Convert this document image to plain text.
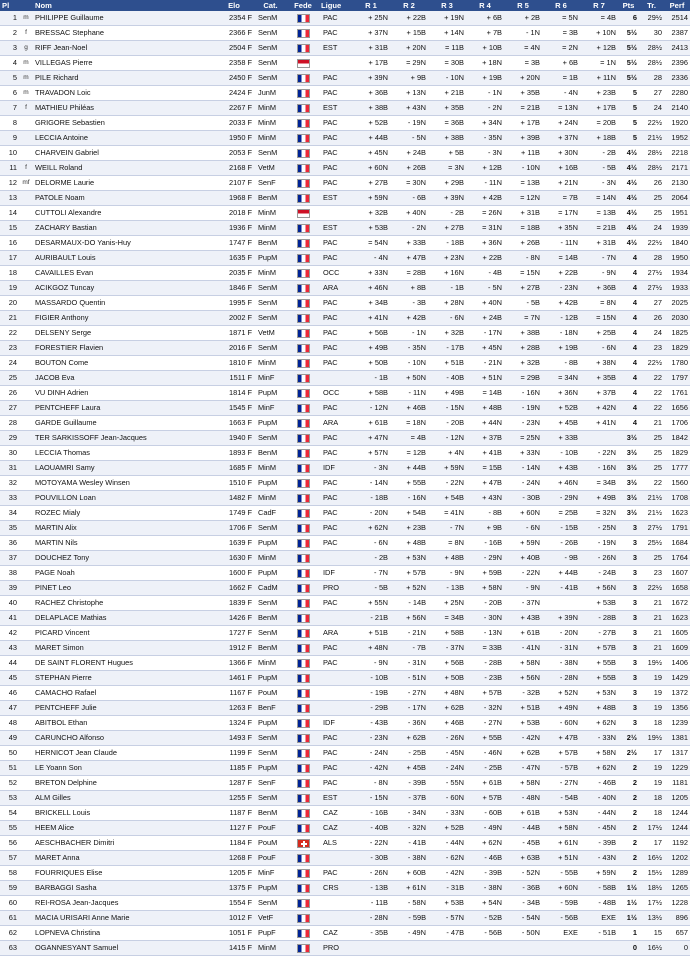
Pl		Nom	Elo	Cat.	Fede	Ligue	R 1	R 2	R 3	R 4	R 5	R 6	R 7	Pts	Tr.	Perf
1	m	PHILIPPE Guillaume	2354 F	SenM		PAC	+ 25N	+ 22B	+ 19N	+ 6B	+ 2B	= 5N	= 4B	6	29½	2514
2	f	BRESSAC Stephane	2366 F	SenM		PAC	+ 37N	+ 15B	+ 14N	+ 7B	- 1N	= 3B	+ 10N	5½	30	2387
3	g	RIFF Jean-Noel	2504 F	SenM		EST	+ 31B	+ 20N	= 11B	+ 10B	= 4N	= 2N	+ 12B	5½	28½	2413
4	m	VILLEGAS Pierre	2358 F	SenM			+ 17B	= 29N	= 30B	+ 18N	= 3B	+ 6B	= 1N	5½	28½	2396
5	m	PILE Richard	2450 F	SenM		PAC	+ 39N	+ 9B	- 10N	+ 19B	+ 20N	= 1B	+ 11N	5½	28	2336
6	m	TRAVADON Loic	2424 F	JunM		PAC	+ 36B	+ 13N	+ 21B	- 1N	+ 35B	- 4N	+ 23B	5	27	2280
7	f	MATHIEU Philéas	2267 F	MinM		EST	+ 38B	+ 43N	+ 35B	- 2N	= 21B	= 13N	+ 17B	5	24	2140
8		GRIGORE Sebastien	2033 F	MinM		PAC	+ 52B	- 19N	= 36B	+ 34N	+ 17B	+ 24N	= 20B	5	22½	1920
9		LECCIA Antoine	1950 F	MinM		PAC	+ 44B	- 5N	+ 38B	- 35N	+ 39B	+ 37N	+ 18B	5	21½	1952
10		CHARVEIN Gabriel	2053 F	SenM		PAC	+ 45N	+ 24B	+ 5B	- 3N	+ 11B	+ 30N	- 2B	4½	28½	2218
11	f	WEILL Roland	2168 F	VetM		PAC	+ 60N	+ 26B	= 3N	+ 12B	- 10N	+ 16B	- 5B	4½	28½	2171
12	mf	DELORME Laurie	2107 F	SenF		PAC	+ 27B	= 30N	+ 29B	- 11N	= 13B	+ 21N	- 3N	4½	26	2130
13		PATOLE Noam	1968 F	BenM		EST	+ 59N	- 6B	+ 39N	+ 42B	= 12N	= 7B	= 14N	4½	25	2064
14		CUTTOLI Alexandre	2018 F	MinM			+ 32B	+ 40N	- 2B	= 26N	+ 31B	= 17N	= 13B	4½	25	1951
15		ZACHARY Bastian	1936 F	MinM		EST	+ 53B	- 2N	+ 27B	= 31N	= 18B	+ 35N	= 21B	4½	24	1939
16		DESARMAUX-DO Yanis-Huy	1747 F	BenM		PAC	= 54N	+ 33B	- 18B	+ 36N	+ 26B	- 11N	+ 31B	4½	22½	1840
17		AURIBAULT Louis	1635 F	PupM		PAC	- 4N	+ 47B	+ 23N	+ 22B	- 8N	= 14B	- 7N	4	28	1950
18		CAVAILLES Evan	2035 F	MinM		OCC	+ 33N	= 28B	+ 16N	- 4B	= 15N	+ 22B	- 9N	4	27½	1934
19		ACIKGOZ Tuncay	1846 F	SenM		ARA	+ 46N	+ 8B	- 1B	- 5N	+ 27B	- 23N	+ 36B	4	27½	1933
20		MASSARDO Quentin	1995 F	SenM		PAC	+ 34B	- 3B	+ 28N	+ 40N	- 5B	+ 42B	= 8N	4	27	2025
21		FIGIER Anthony	2002 F	SenM		PAC	+ 41N	+ 42B	- 6N	+ 24B	= 7N	- 12B	= 15N	4	26	2030
22		DELSENY Serge	1871 F	VetM		PAC	+ 56B	- 1N	+ 32B	- 17N	+ 38B	- 18N	+ 25B	4	24	1825
23		FORESTIER Flavien	2016 F	SenM		PAC	+ 49B	- 35N	- 17B	+ 45N	+ 28B	+ 19B	- 6N	4	23	1829
24		BOUTON Come	1810 F	MinM		PAC	+ 50B	- 10N	+ 51B	- 21N	+ 32B	- 8B	+ 38N	4	22½	1780
25		JACOB Eva	1511 F	MinF			- 1B	+ 50N	- 40B	+ 51N	= 29B	= 34N	+ 35B	4	22	1797
26		VU DINH Adrien	1814 F	PupM		OCC	+ 58B	- 11N	+ 49B	= 14B	- 16N	+ 36N	+ 37B	4	22	1761
27		PENTCHEFF Laura	1545 F	MinF		PAC	- 12N	+ 46B	- 15N	+ 48B	- 19N	+ 52B	+ 42N	4	22	1656
28		GARDE Guillaume	1663 F	PupM		ARA	+ 61B	= 18N	- 20B	+ 44N	- 23N	+ 45B	+ 41N	4	21	1706
29		TER SARKISSOFF Jean-Jacques	1940 F	SenM		PAC	+ 47N	= 4B	- 12N	+ 37B	= 25N	+ 33B		3½	25	1842
30		LECCIA Thomas	1893 F	BenM		PAC	+ 57N	= 12B	+ 4N	+ 41B	+ 33N	- 10B	- 22N	3½	25	1829
31		LAOUAMRI Samy	1685 F	MinM		IDF	- 3N	+ 44B	+ 59N	= 15B	- 14N	+ 43B	- 16N	3½	25	1777
32		MOTOYAMA Wesley Winsen	1510 F	PupM		PAC	- 14N	+ 55B	- 22N	+ 47B	- 24N	+ 46N	= 34B	3½	22	1560
33		POUVILLON Loan	1482 F	MinM		PAC	- 18B	- 16N	+ 54B	+ 43N	- 30B	- 29N	+ 49B	3½	21½	1708
34		ROZEC Mialy	1749 F	CadF		PAC	- 20N	+ 54B	= 41N	- 8B	+ 60N	= 25B	= 32N	3½	21½	1623
35		MARTIN Alix	1706 F	SenM		PAC	+ 62N	+ 23B	- 7N	+ 9B	- 6N	- 15B	- 25N	3	27½	1791
36		MARTIN Nils	1639 F	PupM		PAC	- 6N	+ 48B	= 8N	- 16B	+ 59N	- 26B	- 19N	3	25½	1684
37		DOUCHEZ Tony	1630 F	MinM			- 2B	+ 53N	+ 48B	- 29N	+ 40B	- 9B	- 26N	3	25	1764
38		PAGE Noah	1600 F	PupM		IDF	- 7N	+ 57B	- 9N	+ 59B	- 22N	+ 44B	- 24B	3	23	1607
39		PINET Leo	1662 F	CadM		PRO	- 5B	+ 52N	- 13B	+ 58N	- 9N	- 41B	+ 56N	3	22½	1658
40		RACHEZ Christophe	1839 F	SenM		PAC	+ 55N	- 14B	+ 25N	- 20B	- 37N		+ 53B	3	21	1672
41		DELAPLACE Mathias	1426 F	BenM			- 21B	+ 56N	= 34B	- 30N	+ 43B	+ 39N	- 28B	3	21	1623
42		PICARD Vincent	1727 F	SenM		ARA	+ 51B	- 21N	+ 58B	- 13N	+ 61B	- 20N	- 27B	3	21	1605
43		MARET Simon	1912 F	BenM		PAC	+ 48N	- 7B	- 37N	= 33B	- 41N	- 31N	+ 57B	3	21	1609
44		DE SAINT FLORENT Hugues	1366 F	MinM		PAC	- 9N	- 31N	+ 56B	- 28B	+ 58N	- 38N	+ 55B	3	19½	1406
45		STEPHAN Pierre	1461 F	PupM			- 10B	- 51N	+ 50B	- 23B	+ 56N	- 28N	+ 55B	3	19	1429
46		CAMACHO Rafael	1167 F	PouM			- 19B	- 27N	+ 48N	+ 57B	- 32B	+ 52N	+ 53N	3	19	1372
47		PENTCHEFF Julie	1263 F	BenF			- 29B	- 17N	+ 62B	- 32N	+ 51B	+ 49N	+ 48B	3	19	1356
48		ABITBOL Ethan	1324 F	PupM		IDF	- 43B	- 36N	+ 46B	- 27N	+ 53B	- 60N	+ 62N	3	18	1239
49		CARUNCHO Alfonso	1493 F	SenM		PAC	- 23N	+ 62B	- 26N	+ 55B	- 42N	+ 47B	- 33N	2½	19½	1381
50		HERNICOT Jean Claude	1199 F	SenM		PAC	- 24N	- 25B	- 45N	- 46N	+ 62B	+ 57B	+ 58N	2½	17	1317
51		LE Yoann Son	1185 F	PupM		PAC	- 42N	+ 45B	- 24N	- 25B	- 47N	- 57B	+ 62N	2	19	1229
52		BRETON Delphine	1287 F	SenF		PAC	- 8N	- 39B	- 55N	+ 61B	+ 58N	- 27N	- 46B	2	19	1181
53		ALM Gilles	1255 F	SenM		EST	- 15N	- 37B	- 60N	+ 57B	- 48N	- 54B	- 40N	2	18	1205
54		BRICKELL Louis	1187 F	BenM		CAZ	- 16B	- 34N	- 33N	- 60B	+ 61B	+ 53N	- 44N	2	18	1244
55		HEEM Alice	1127 F	PouF		CAZ	- 40B	- 32N	+ 52B	- 49N	- 44B	+ 58N	- 45N	2	17½	1244
56		AESCHBACHER Dimitri	1184 F	PouM		ALS	- 22N	- 41B	- 44N	+ 62N	- 45B	+ 61N	- 39B	2	17	1192
57		MARET Anna	1268 F	PouF			- 30B	- 38N	- 62N	- 46B	+ 63B	+ 51N	- 43N	2	16½	1202
58		FOURRIQUES Elise	1205 F	MinF		PAC	- 26N	+ 60B	- 42N	- 39B	- 52N	- 55B	+ 59N	2	15½	1289
59		BARBAGGI Sasha	1375 F	PupM		CRS	- 13B	+ 61N	- 31B	- 38N	- 36B	+ 60N	- 58B	1½	18½	1265
60		REI-ROSA Jean-Jacques	1554 F	SenM			- 11B	- 58N	+ 53B	+ 54N	- 34B	- 59B	- 48B	1½	17½	1228
61		MACIA URISARI Anne Marie	1012 F	VetF			- 28N	- 59B	- 57N	- 52B	- 54N	- 56B	EXE	1½	13½	896
62		LOPNEVA Christina	1051 F	PupF		CAZ	- 35B	- 49N	- 47B	- 56B	- 50N	EXE	- 51B	1	15	657
63		OGANNESYANT Samuel	1415 F	MinM		PRO								0	16½	0
